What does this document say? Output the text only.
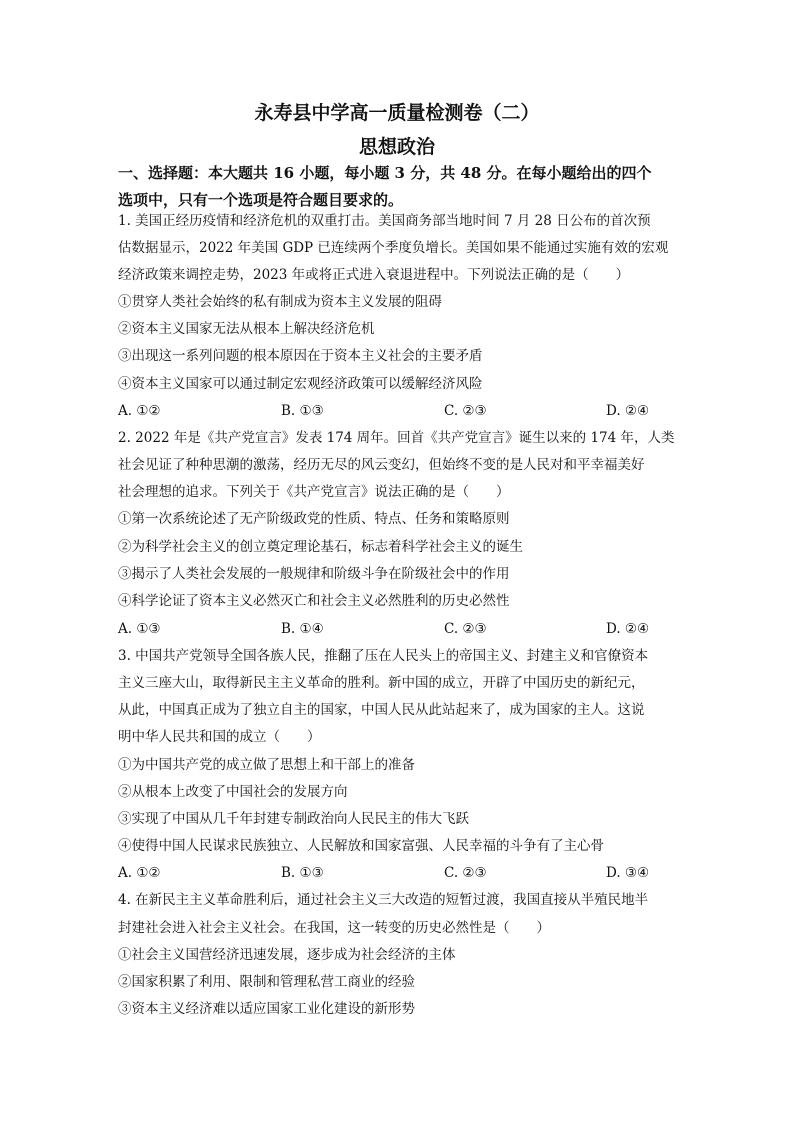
永寿县中学高一质量检测卷（二）
思想政治
一、选择题：本大题共 16 小题，每小题 3 分，共 48 分。在每小题给出的四个
选项中，只有一个选项是符合题目要求的。
1. 美国正经历疫情和经济危机的双重打击。美国商务部当地时间 7 月 28 日公布的首次预
估数据显示，2022 年美国 GDP 已连续两个季度负增长。美国如果不能通过实施有效的宏观
经济政策来调控走势，2023 年或将正式进入衰退进程中。下列说法正确的是（　　）
①贯穿人类社会始终的私有制成为资本主义发展的阻碍
②资本主义国家无法从根本上解决经济危机
③出现这一系列问题的根本原因在于资本主义社会的主要矛盾
④资本主义国家可以通过制定宏观经济政策可以缓解经济风险
A. ①②	B. ①③	C. ②③	D. ②④
2. 2022 年是《共产党宣言》发表 174 周年。回首《共产党宣言》诞生以来的 174 年，人类
社会见证了种种思潮的激荡，经历无尽的风云变幻，但始终不变的是人民对和平幸福美好
社会理想的追求。下列关于《共产党宣言》说法正确的是（　　）
①第一次系统论述了无产阶级政党的性质、特点、任务和策略原则
②为科学社会主义的创立奠定理论基石，标志着科学社会主义的诞生
③揭示了人类社会发展的一般规律和阶级斗争在阶级社会中的作用
④科学论证了资本主义必然灭亡和社会主义必然胜利的历史必然性
A. ①③	B. ①④	C. ②③	D. ②④
3. 中国共产党领导全国各族人民，推翻了压在人民头上的帝国主义、封建主义和官僚资本
主义三座大山，取得新民主主义革命的胜利。新中国的成立，开辟了中国历史的新纪元，
从此，中国真正成为了独立自主的国家，中国人民从此站起来了，成为国家的主人。这说
明中华人民共和国的成立（　　）
①为中国共产党的成立做了思想上和干部上的准备
②从根本上改变了中国社会的发展方向
③实现了中国从几千年封建专制政治向人民民主的伟大飞跃
④使得中国人民谋求民族独立、人民解放和国家富强、人民幸福的斗争有了主心骨
A. ①②	B. ①③	C. ②③	D. ③④
4. 在新民主主义革命胜利后，通过社会主义三大改造的短暂过渡，我国直接从半殖民地半
封建社会进入社会主义社会。在我国，这一转变的历史必然性是（　　）
①社会主义国营经济迅速发展，逐步成为社会经济的主体
②国家积累了利用、限制和管理私营工商业的经验
③资本主义经济难以适应国家工业化建设的新形势
